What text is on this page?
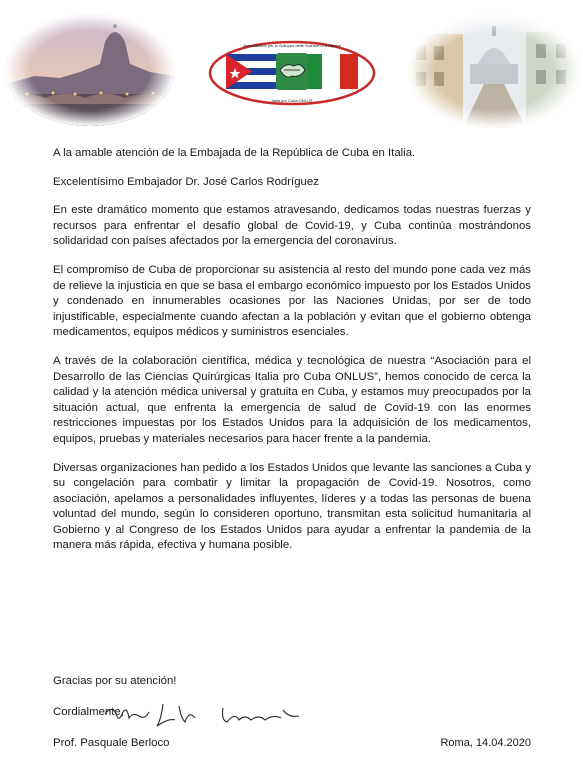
Associazione per lo Sviluppo delle Scienze Chirurgiche
Italia pro Cuba ONLUS

A la amable atención de la Embajada de la República de Cuba en Italia.

Excelentísimo Embajador Dr. José Carlos Rodríguez

En este dramático momento que estamos atravesando, dedicamos todas nuestras fuerzas y recursos para enfrentar el desafío global de Covid-19, y Cuba continúa mostrándonos solidaridad con países afectados por la emergencia del coronavirus.

El compromiso de Cuba de proporcionar su asistencia al resto del mundo pone cada vez más de relieve la injusticia en que se basa el embargo económico impuesto por los Estados Unidos y condenado en innumerables ocasiones por las Naciones Unidas, por ser de todo injustificable, especialmente cuando afectan a la población y evitan que el gobierno obtenga medicamentos, equipos médicos y suministros esenciales.

A través de la colaboración científica, médica y tecnológica de nuestra “Asociación para el Desarrollo de las Ciencias Quirúrgicas Italia pro Cuba ONLUS”, hemos conocido de cerca la calidad y la atención médica universal y gratuita en Cuba, y estamos muy preocupados por la situación actual, que enfrenta la emergencia de salud de Covid-19 con las enormes restricciones impuestas por los Estados Unidos para la adquisición de los medicamentos, equipos, pruebas y materiales necesarios para hacer frente a la pandemia.

Diversas organizaciones han pedido a los Estados Unidos que levante las sanciones a Cuba y su congelación para combatir y limitar la propagación de Covid-19. Nosotros, como asociación, apelamos a personalidades influyentes, líderes y a todas las personas de buena voluntad del mundo, según lo consideren oportuno, transmitan esta solicitud humanitaria al Gobierno y al Congreso de los Estados Unidos para ayudar a enfrentar la pandemia de la manera más rápida, efectiva y humana posible.

Gracias por su atención!
Cordialmente,
Prof. Pasquale Berloco	Roma, 14.04.2020
